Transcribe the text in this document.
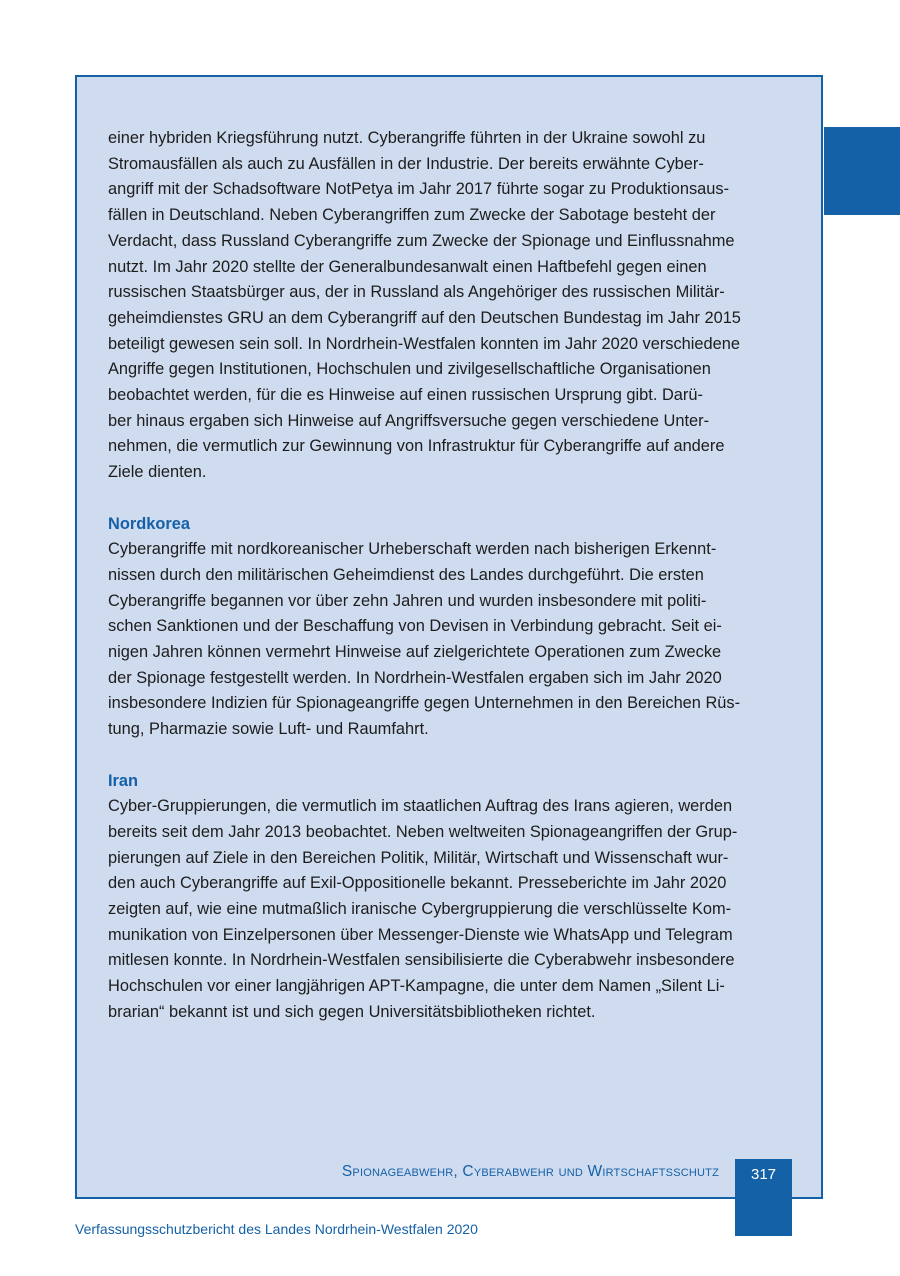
einer hybriden Kriegsführung nutzt. Cyberangriffe führten in der Ukraine sowohl zu
Stromausfällen als auch zu Ausfällen in der Industrie. Der bereits erwähnte Cyber-
angriff mit der Schadsoftware NotPetya im Jahr 2017 führte sogar zu Produktionsaus-
fällen in Deutschland. Neben Cyberangriffen zum Zwecke der Sabotage besteht der
Verdacht, dass Russland Cyberangriffe zum Zwecke der Spionage und Einflussnahme
nutzt. Im Jahr 2020 stellte der Generalbundesanwalt einen Haftbefehl gegen einen
russischen Staatsbürger aus, der in Russland als Angehöriger des russischen Militär-
geheimdienstes GRU an dem Cyberangriff auf den Deutschen Bundestag im Jahr 2015
beteiligt gewesen sein soll. In Nordrhein-Westfalen konnten im Jahr 2020 verschiedene
Angriffe gegen Institutionen, Hochschulen und zivilgesellschaftliche Organisationen
beobachtet werden, für die es Hinweise auf einen russischen Ursprung gibt. Darü-
ber hinaus ergaben sich Hinweise auf Angriffsversuche gegen verschiedene Unter-
nehmen, die vermutlich zur Gewinnung von Infrastruktur für Cyberangriffe auf andere
Ziele dienten.

Nordkorea

Cyberangriffe mit nordkoreanischer Urheberschaft werden nach bisherigen Erkennt-
nissen durch den militärischen Geheimdienst des Landes durchgeführt. Die ersten
Cyberangriffe begannen vor über zehn Jahren und wurden insbesondere mit politi-
schen Sanktionen und der Beschaffung von Devisen in Verbindung gebracht. Seit ei-
nigen Jahren können vermehrt Hinweise auf zielgerichtete Operationen zum Zwecke
der Spionage festgestellt werden. In Nordrhein-Westfalen ergaben sich im Jahr 2020
insbesondere Indizien für Spionageangriffe gegen Unternehmen in den Bereichen Rüs-
tung, Pharmazie sowie Luft- und Raumfahrt.

Iran

Cyber-Gruppierungen, die vermutlich im staatlichen Auftrag des Irans agieren, werden
bereits seit dem Jahr 2013 beobachtet. Neben weltweiten Spionageangriffen der Grup-
pierungen auf Ziele in den Bereichen Politik, Militär, Wirtschaft und Wissenschaft wur-
den auch Cyberangriffe auf Exil-Oppositionelle bekannt. Presseberichte im Jahr 2020
zeigten auf, wie eine mutmaßlich iranische Cybergruppierung die verschlüsselte Kom-
munikation von Einzelpersonen über Messenger-Dienste wie WhatsApp und Telegram
mitlesen konnte. In Nordrhein-Westfalen sensibilisierte die Cyberabwehr insbesondere
Hochschulen vor einer langjährigen APT-Kampagne, die unter dem Namen „Silent Li-
brarian“ bekannt ist und sich gegen Universitätsbibliotheken richtet.

Spionageabwehr, Cyberabwehr und Wirtschaftsschutz	317
Verfassungsschutzbericht des Landes Nordrhein-Westfalen 2020
